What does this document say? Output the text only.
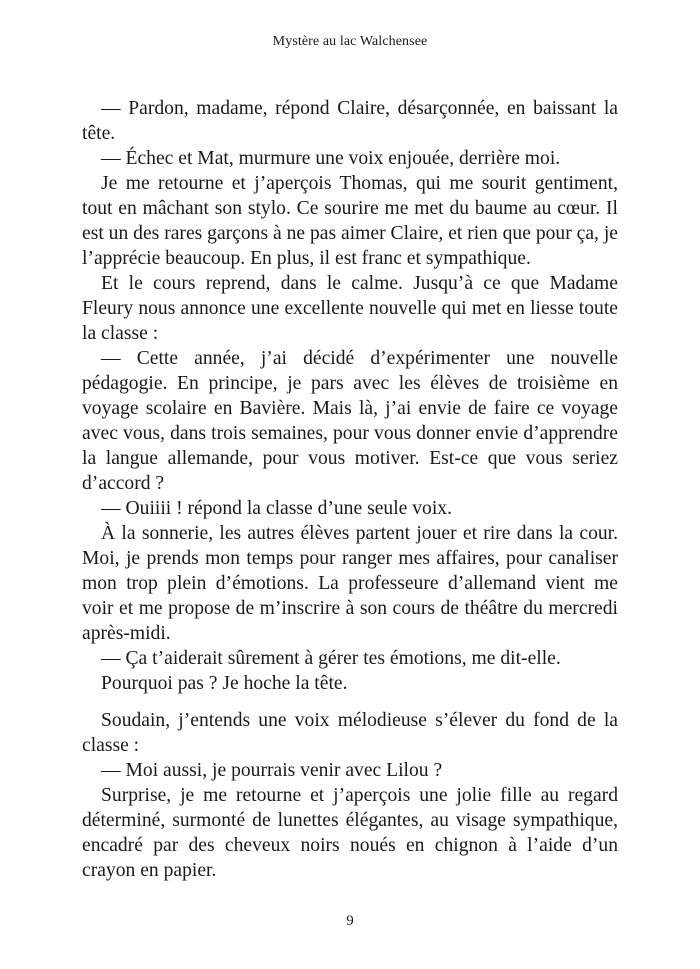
Mystère au lac Walchensee

— Pardon, madame, répond Claire, désarçonnée, en baissant la tête.

— Échec et Mat, murmure une voix enjouée, derrière moi.

Je me retourne et j’aperçois Thomas, qui me sourit gentiment, tout en mâchant son stylo. Ce sourire me met du baume au cœur. Il est un des rares garçons à ne pas aimer Claire, et rien que pour ça, je l’apprécie beaucoup. En plus, il est franc et sympathique.

Et le cours reprend, dans le calme. Jusqu’à ce que Madame Fleury nous annonce une excellente nouvelle qui met en liesse toute la classe :

— Cette année, j’ai décidé d’expérimenter une nouvelle pédagogie. En principe, je pars avec les élèves de troisième en voyage scolaire en Bavière. Mais là, j’ai envie de faire ce voyage avec vous, dans trois semaines, pour vous donner envie d’apprendre la langue allemande, pour vous motiver. Est-ce que vous seriez d’accord ?

— Ouiiii ! répond la classe d’une seule voix.

À la sonnerie, les autres élèves partent jouer et rire dans la cour. Moi, je prends mon temps pour ranger mes affaires, pour canaliser mon trop plein d’émotions. La professeure d’allemand vient me voir et me propose de m’inscrire à son cours de théâtre du mercredi après-midi.

— Ça t’aiderait sûrement à gérer tes émotions, me dit-elle.

Pourquoi pas ? Je hoche la tête.

Soudain, j’entends une voix mélodieuse s’élever du fond de la classe :

— Moi aussi, je pourrais venir avec Lilou ?

Surprise, je me retourne et j’aperçois une jolie fille au regard déterminé, surmonté de lunettes élégantes, au visage sympathique, encadré par des cheveux noirs noués en chignon à l’aide d’un crayon en papier.

9
